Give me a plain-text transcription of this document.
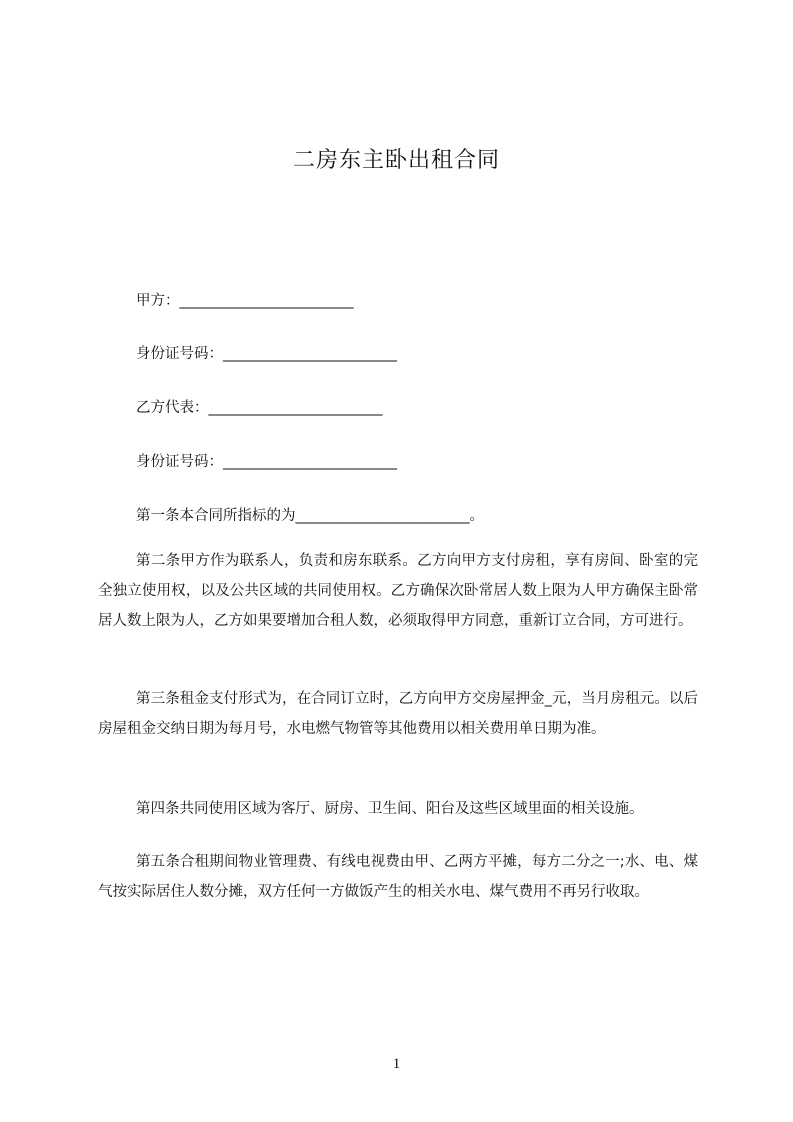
二房东主卧出租合同
甲方：________________________
身份证号码：________________________
乙方代表：________________________
身份证号码：________________________
第一条本合同所指标的为________________________。

第二条甲方作为联系人，负责和房东联系。乙方向甲方支付房租，享有房间、卧室的完全独立使用权，以及公共区域的共同使用权。乙方确保次卧常居人数上限为人甲方确保主卧常居人数上限为人，乙方如果要增加合租人数，必须取得甲方同意，重新订立合同，方可进行。

第三条租金支付形式为，在合同订立时，乙方向甲方交房屋押金_元，当月房租元。以后房屋租金交纳日期为每月号，水电燃气物管等其他费用以相关费用单日期为准。

第四条共同使用区域为客厅、厨房、卫生间、阳台及这些区域里面的相关设施。

第五条合租期间物业管理费、有线电视费由甲、乙两方平摊，每方二分之一;水、电、煤气按实际居住人数分摊，双方任何一方做饭产生的相关水电、煤气费用不再另行收取。

1
